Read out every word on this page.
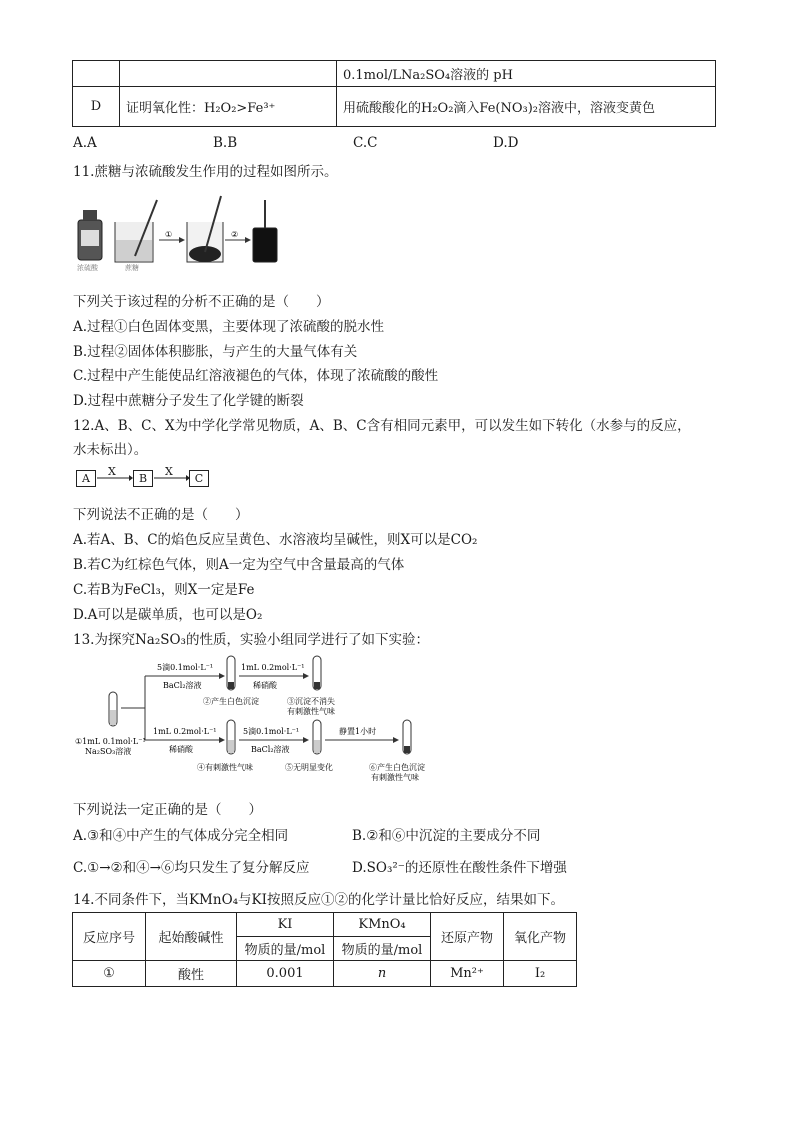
		0.1mol/LNa₂SO₄溶液的 pH
D	证明氧化性：H₂O₂>Fe³⁺	用硫酸酸化的H₂O₂滴入Fe(NO₃)₂溶液中，溶液变黄色
A.A	B.B	C.C	D.D
11.蔗糖与浓硫酸发生作用的过程如图所示。
①	②
浓硫酸	蔗糖
下列关于该过程的分析不正确的是（　　）
A.过程①白色固体变黑，主要体现了浓硫酸的脱水性
B.过程②固体体积膨胀，与产生的大量气体有关
C.过程中产生能使品红溶液褪色的气体，体现了浓硫酸的酸性
D.过程中蔗糖分子发生了化学键的断裂
12.A、B、C、X为中学化学常见物质，A、B、C含有相同元素甲，可以发生如下转化（水参与的反应，
水未标出）。
A
X
B
X
C
下列说法不正确的是（　　）
A.若A、B、C的焰色反应呈黄色、水溶液均呈碱性，则X可以是CO₂
B.若C为红棕色气体，则A一定为空气中含量最高的气体
C.若B为FeCl₃，则X一定是Fe
D.A可以是碳单质，也可以是O₂
13.为探究Na₂SO₃的性质，实验小组同学进行了如下实验：
①1mL 0.1mol·L⁻¹
Na₂SO₃溶液
5滴0.1mol·L⁻¹
BaCl₂溶液
②产生白色沉淀
1mL 0.2mol·L⁻¹
稀硝酸
③沉淀不消失
有刺激性气味
1mL 0.2mol·L⁻¹
稀硝酸
④有刺激性气味
5滴0.1mol·L⁻¹
BaCl₂溶液
⑤无明显变化
静置1小时
⑥产生白色沉淀
有刺激性气味
下列说法一定正确的是（　　）
A.③和④中产生的气体成分完全相同	B.②和⑥中沉淀的主要成分不同
C.①→②和④→⑥均只发生了复分解反应	D.SO₃²⁻的还原性在酸性条件下增强
14.不同条件下，当KMnO₄与KI按照反应①②的化学计量比恰好反应，结果如下。
反应序号	起始酸碱性	KI	KMnO₄	还原产物	氧化产物
		物质的量/mol	物质的量/mol		
①	酸性	0.001	n	Mn²⁺	I₂
